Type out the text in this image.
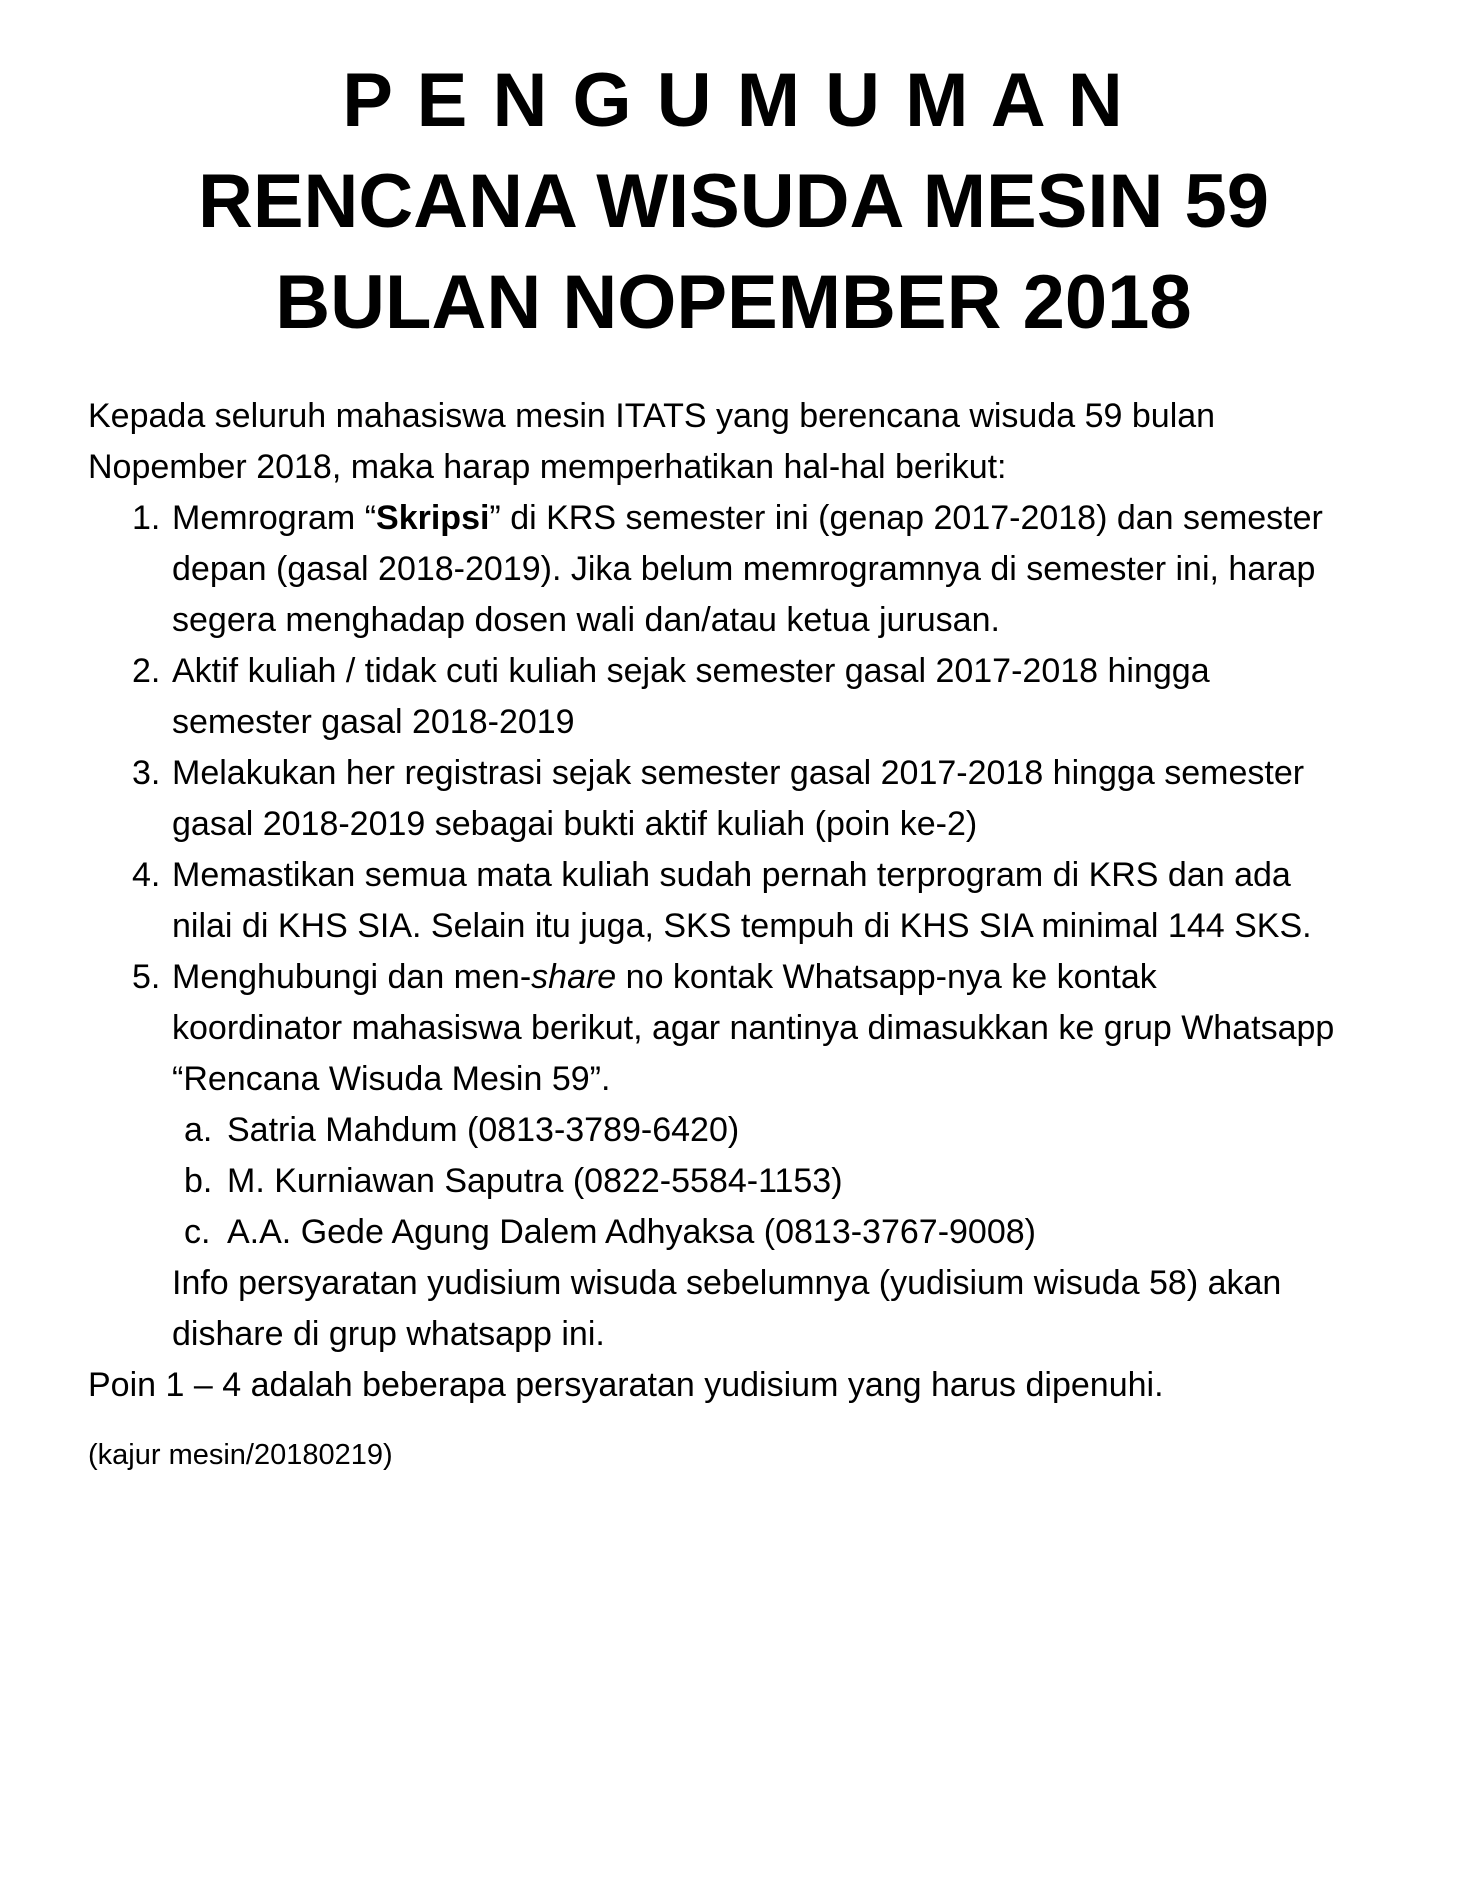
P E N G U M U M A N
RENCANA WISUDA MESIN 59
BULAN NOPEMBER 2018
Kepada seluruh mahasiswa mesin ITATS yang berencana wisuda 59 bulan
Nopember 2018, maka harap memperhatikan hal-hal berikut:
1. Memrogram “Skripsi” di KRS semester ini (genap 2017-2018) dan semester
depan (gasal 2018-2019). Jika belum memrogramnya di semester ini, harap
segera menghadap dosen wali dan/atau ketua jurusan.
2. Aktif kuliah / tidak cuti kuliah sejak semester gasal 2017-2018 hingga
semester gasal 2018-2019
3. Melakukan her registrasi sejak semester gasal 2017-2018 hingga semester
gasal 2018-2019 sebagai bukti aktif kuliah (poin ke-2)
4. Memastikan semua mata kuliah sudah pernah terprogram di KRS dan ada
nilai di KHS SIA. Selain itu juga, SKS tempuh di KHS SIA minimal 144 SKS.
5. Menghubungi dan men-share no kontak Whatsapp-nya ke kontak
koordinator mahasiswa berikut, agar nantinya dimasukkan ke grup Whatsapp
“Rencana Wisuda Mesin 59”.
a. Satria Mahdum (0813-3789-6420)
b. M. Kurniawan Saputra (0822-5584-1153)
c. A.A. Gede Agung Dalem Adhyaksa (0813-3767-9008)
Info persyaratan yudisium wisuda sebelumnya (yudisium wisuda 58) akan
dishare di grup whatsapp ini.
Poin 1 – 4 adalah beberapa persyaratan yudisium yang harus dipenuhi.
(kajur mesin/20180219)
